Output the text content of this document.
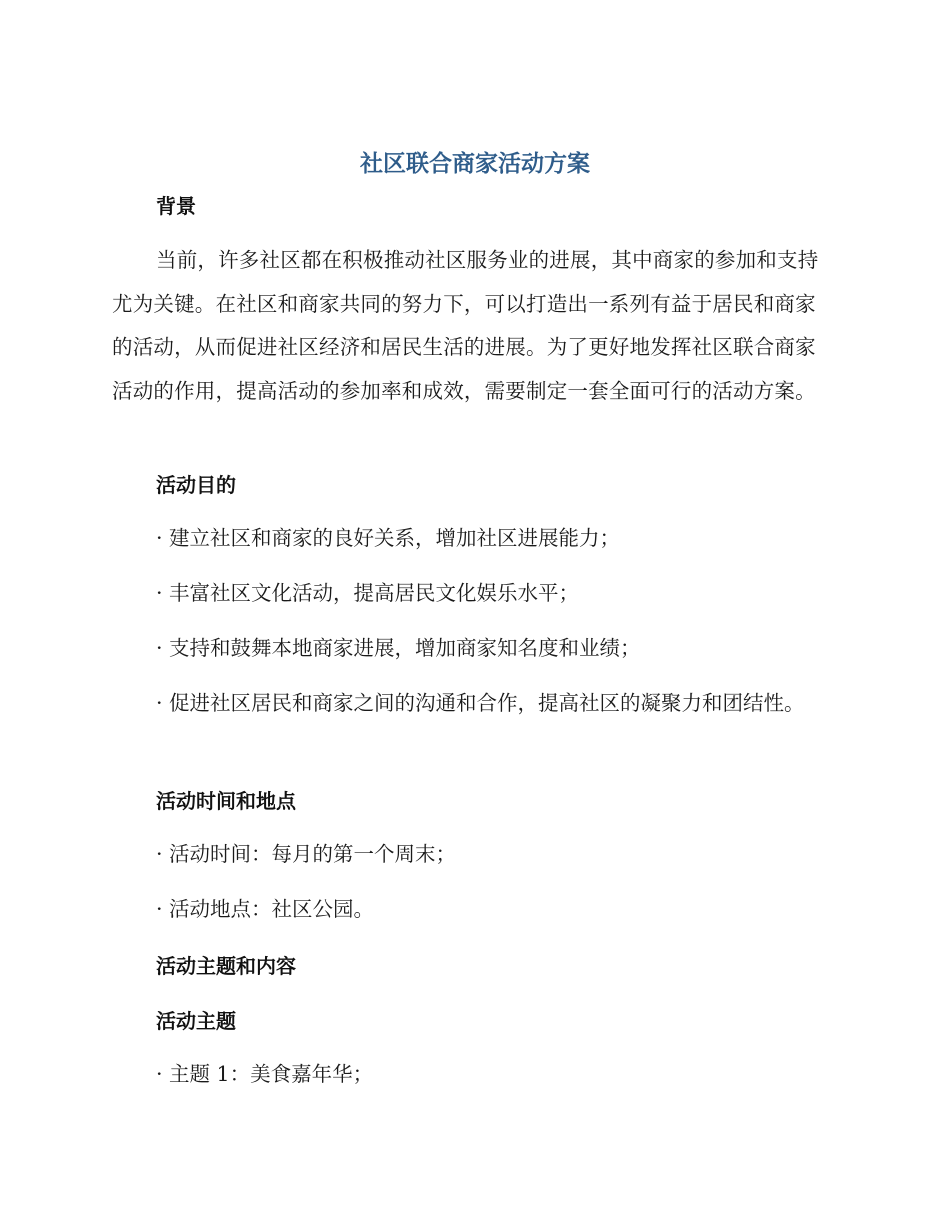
社区联合商家活动方案
背景
当前，许多社区都在积极推动社区服务业的进展，其中商家的参加和支持尤为关键。在社区和商家共同的努力下，可以打造出一系列有益于居民和商家的活动，从而促进社区经济和居民生活的进展。为了更好地发挥社区联合商家活动的作用，提高活动的参加率和成效，需要制定一套全面可行的活动方案。
活动目的
· 建立社区和商家的良好关系，增加社区进展能力；
· 丰富社区文化活动，提高居民文化娱乐水平；
· 支持和鼓舞本地商家进展，增加商家知名度和业绩；
· 促进社区居民和商家之间的沟通和合作，提高社区的凝聚力和团结性。
活动时间和地点
· 活动时间：每月的第一个周末；
· 活动地点：社区公园。
活动主题和内容
活动主题
· 主题 1：美食嘉年华；
